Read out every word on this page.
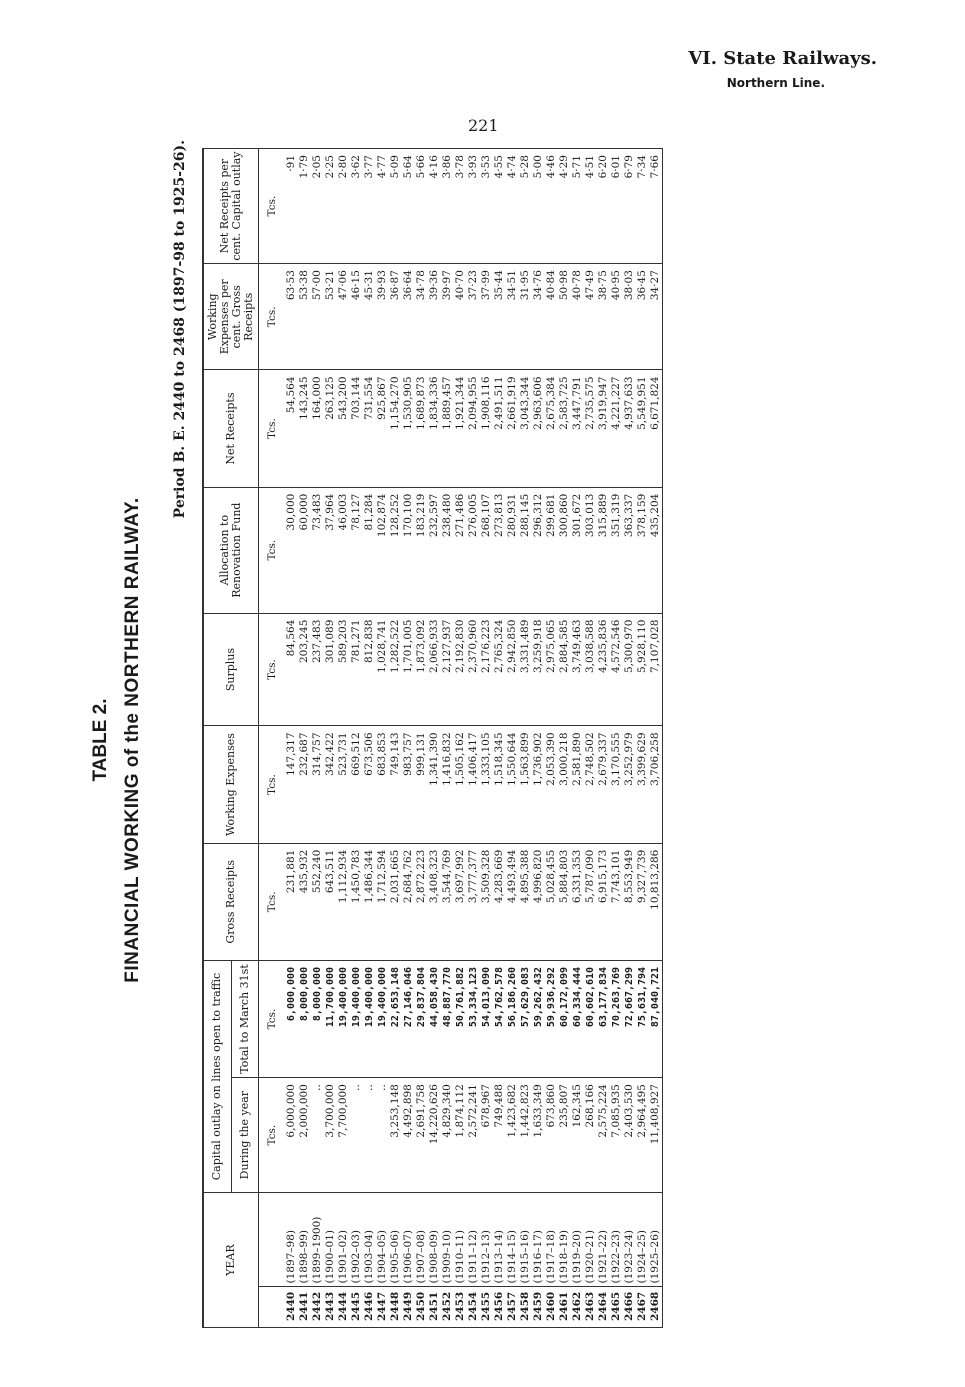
VI. State Railways.
Northern Line.
221
TABLE 2. FINANCIAL WORKING of the NORTHERN RAILWAY.
Period B. E. 2440 to 2468 (1897-98 to 1925-26).
YEAR		Capital outlay on lines open to traffic		Gross Receipts	Working Expenses	Surplus	Allocation to Renovation Fund	Net Receipts	Working Expenses per cent. Gross Receipts	Net Receipts per cent. Capital outlay
		During the year	Total to March 31st							
		Tcs.	Tcs.	Tcs.	Tcs.	Tcs.	Tcs.	Tcs.	Tcs.	Tcs.
2440	(1897–98)	6,000,000	6,000,000	231,881	147,317	84,564	30,000	54,564	63·53	·91
2441	(1898–99)	2,000,000	8,000,000	435,932	232,687	203,245	60,000	143,245	53·38	1·79
2442	(1899–1900)	..	8,000,000	552,240	314,757	237,483	73,483	164,000	57·00	2·05
2443	(1900–01)	3,700,000	11,700,000	643,511	342,422	301,089	37,964	263,125	53·21	2·25
2444	(1901–02)	7,700,000	19,400,000	1,112,934	523,731	589,203	46,003	543,200	47·06	2·80
2445	(1902–03)	..	19,400,000	1,450,783	669,512	781,271	78,127	703,144	46·15	3·62
2446	(1903–04)	..	19,400,000	1,486,344	673,506	812,838	81,284	731,554	45·31	3·77
2447	(1904–05)	..	19,400,000	1,712,594	683,853	1,028,741	102,874	925,867	39·93	4·77
2448	(1905–06)	3,253,148	22,653,148	2,031,665	749,143	1,282,522	128,252	1,154,270	36·87	5·09
2449	(1906–07)	4,492,898	27,146,046	2,684,762	983,757	1,701,005	170,100	1,530,905	36·64	5·64
2450	(1907–08)	2,691,758	29,837,804	2,872,223	999,131	1,873,092	183,219	1,689,873	34·78	5·66
2451	(1908–09)	14,220,626	44,058,430	3,408,323	1,341,390	2,066,933	232,597	1,834,336	39·36	4·16
2452	(1909–10)	4,829,340	48,887,770	3,544,769	1,416,832	2,127,937	238,480	1,889,457	39·97	3·86
2453	(1910–11)	1,874,112	50,761,882	3,697,992	1,505,162	2,192,830	271,486	1,921,344	40·70	3·78
2454	(1911–12)	2,572,241	53,334,123	3,777,377	1,406,417	2,370,960	276,005	2,094,955	37·23	3·93
2455	(1912–13)	678,967	54,013,090	3,509,328	1,333,105	2,176,223	268,107	1,908,116	37·99	3·53
2456	(1913–14)	749,488	54,762,578	4,283,669	1,518,345	2,765,324	273,813	2,491,511	35·44	4·55
2457	(1914–15)	1,423,682	56,186,260	4,493,494	1,550,644	2,942,850	280,931	2,661,919	34·51	4·74
2458	(1915–16)	1,442,823	57,629,083	4,895,388	1,563,899	3,331,489	288,145	3,043,344	31·95	5·28
2459	(1916–17)	1,633,349	59,262,432	4,996,820	1,736,902	3,259,918	296,312	2,963,606	34·76	5·00
2460	(1917–18)	673,860	59,936,292	5,028,455	2,053,390	2,975,065	299,681	2,675,384	40·84	4·46
2461	(1918–19)	235,807	60,172,099	5,884,803	3,000,218	2,884,585	300,860	2,583,725	50·98	4·29
2462	(1919–20)	162,345	60,334,444	6,331,353	2,581,890	3,749,463	301,672	3,447,791	40·78	5·71
2463	(1920–21)	268,166	60,602,610	5,787,090	2,748,502	3,038,588	303,013	2,735,575	47·49	4·51
2464	(1921–22)	2,575,224	63,177,834	6,915,173	2,679,337	4,235,836	315,889	3,919,947	38·75	6·20
2465	(1922–23)	7,085,935	70,263,769	7,743,101	3,170,555	4,572,546	351,319	4,221,227	40·95	6·01
2466	(1923–24)	2,403,530	72,667,299	8,553,949	3,252,979	5,300,970	363,337	4,937,633	38·03	6·79
2467	(1924–25)	2,964,495	75,631,794	9,327,739	3,399,629	5,928,110	378,159	5,549,951	36·45	7·34
2468	(1925–26)	11,408,927	87,040,721	10,813,286	3,706,258	7,107,028	435,204	6,671,824	34·27	7·66
